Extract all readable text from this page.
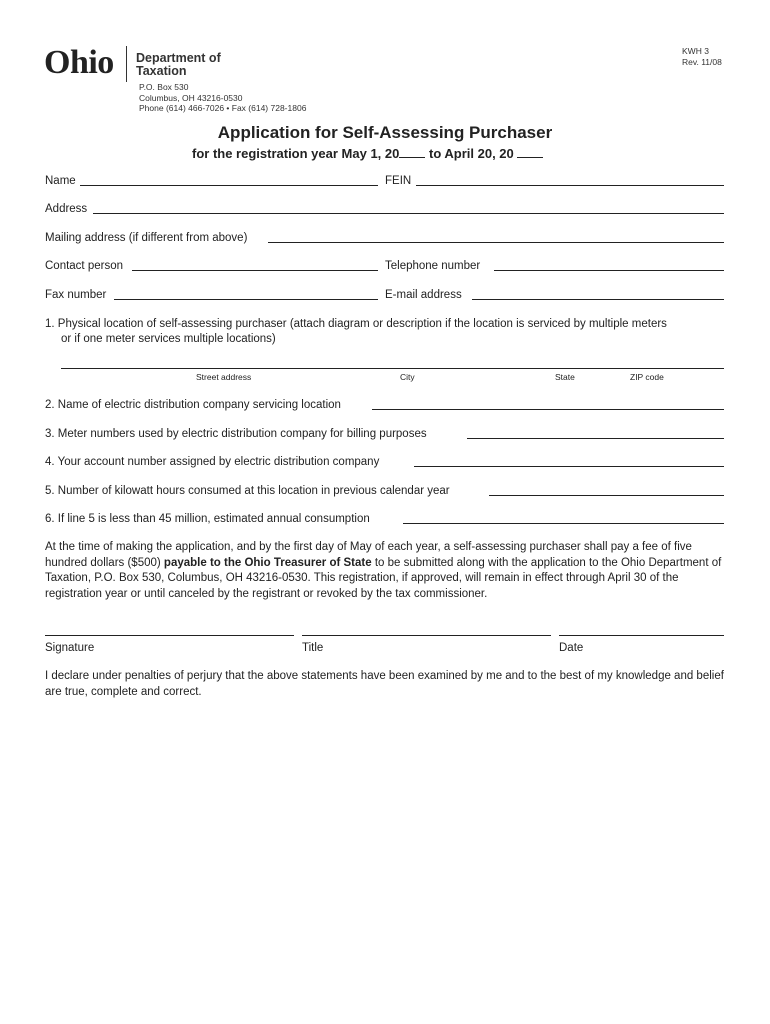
Ohio Department of
Taxation
P.O. Box 530
Columbus, OH 43216-0530
Phone (614) 466-7026 • Fax (614) 728-1806
KWH 3
Rev. 11/08
Application for Self-Assessing Purchaser
for the registration year May 1, 20 to April 20, 20
Name	FEIN
Address
Mailing address (if different from above)
Contact person	Telephone number
Fax number	E-mail address
1. Physical location of self-assessing purchaser (attach diagram or description if the location is serviced by multiple meters
or if one meter services multiple locations)
Street address	City	State	ZIP code
2. Name of electric distribution company servicing location
3. Meter numbers used by electric distribution company for billing purposes
4. Your account number assigned by electric distribution company
5. Number of kilowatt hours consumed at this location in previous calendar year
6. If line 5 is less than 45 million, estimated annual consumption
At the time of making the application, and by the first day of May of each year, a self-assessing purchaser shall pay a fee of five hundred dollars ($500) payable to the Ohio Treasurer of State to be submitted along with the application to the Ohio Department of Taxation, P.O. Box 530, Columbus, OH 43216-0530. This registration, if approved, will remain in effect through April 30 of the registration year or until canceled by the registrant or revoked by the tax commissioner.
Signature	Title	Date
I declare under penalties of perjury that the above statements have been examined by me and to the best of my knowledge and belief are true, complete and correct.
